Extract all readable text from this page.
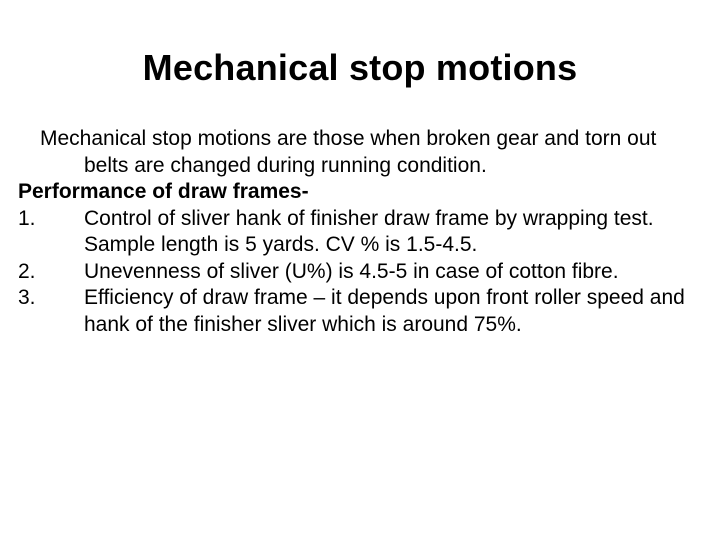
Mechanical stop motions
Mechanical stop motions are those when broken gear and torn out belts are changed during running condition.
Performance of draw frames-
1. Control of sliver hank of finisher draw frame by wrapping test. Sample length is 5 yards. CV % is 1.5-4.5.
2. Unevenness of sliver (U%) is 4.5-5 in case of cotton fibre.
3. Efficiency of draw frame – it depends upon front roller speed and hank of the finisher sliver which is around 75%.
